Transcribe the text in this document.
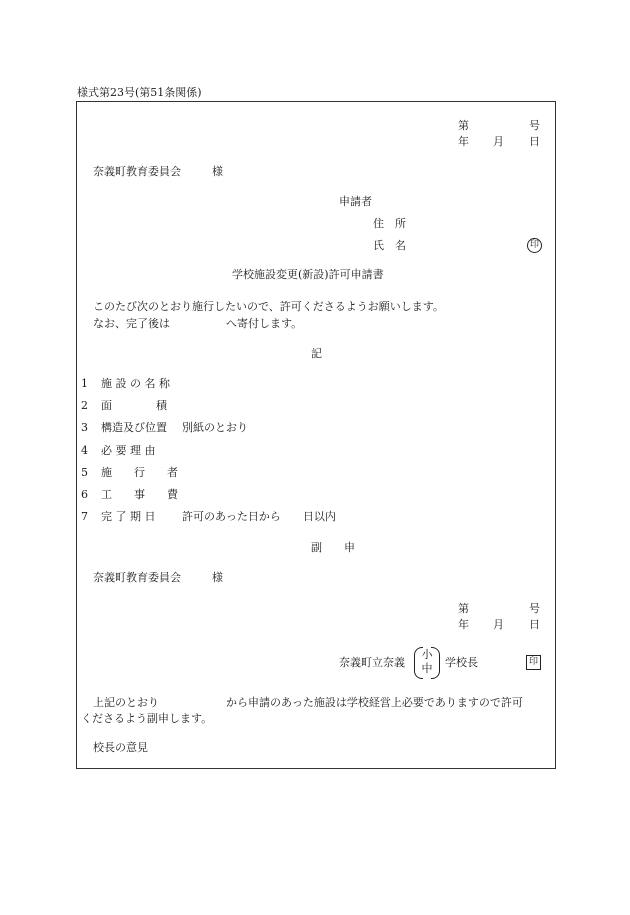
様式第23号(第51条関係)
第	号
年 月 日
奈義町教育委員会	様
申請者
住　所
氏　名	印
学校施設変更(新設)許可申請書
このたび次のとおり施行したいので、許可くださるようお願いします。
なお、完了後は	へ寄付します。
記
1 施 設 の 名 称
2 面　　　　積
3 構造及び位置 別紙のとおり
4 必 要 理 由
5 施　　行　　者
6 工　　事　　費
7 完 了 期 日 許可のあった日から　　日以内
副　　申
奈義町教育委員会	様
第	号
年 月 日
奈義町立奈義
小
中	学校長	印
上記のとおり	から申請のあった施設は学校経営上必要でありますので許可
くださるよう副申します。
校長の意見
